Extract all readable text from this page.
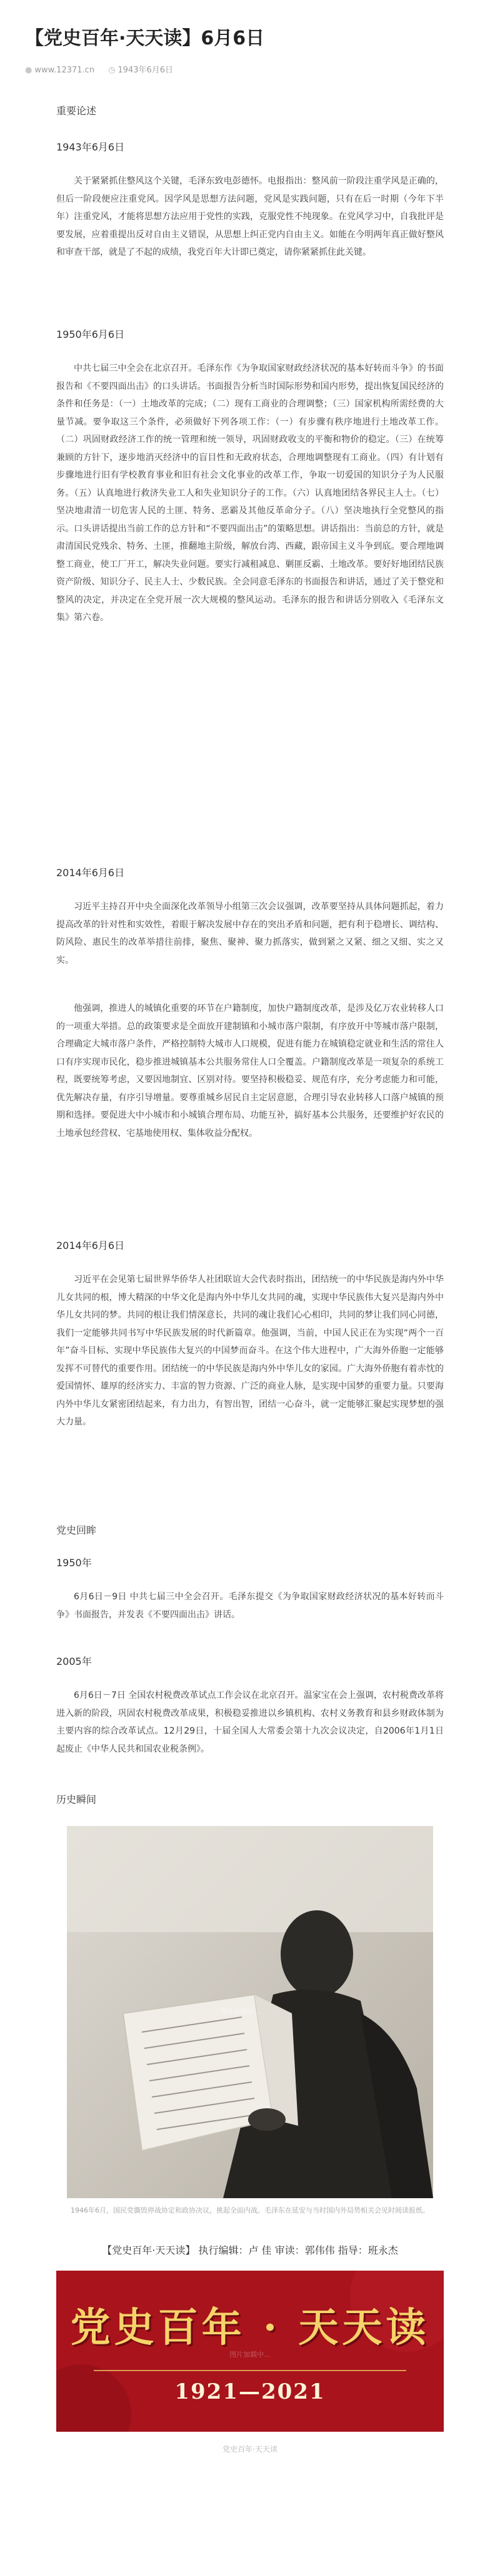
【党史百年·天天读】6月6日
● www.12371.cn ◷ 1943年6月6日
重要论述
1943年6月6日
关于紧紧抓住整风这个关键，毛泽东致电彭德怀。电报指出：整风前一阶段注重学风是正确的，但后一阶段便应注重党风。因学风是思想方法问题，党风是实践问题，只有在后一时期（今年下半年）注重党风，才能将思想方法应用于党性的实践，克服党性不纯现象。在党风学习中，自我批评是要发展，应着重提出反对自由主义错误，从思想上纠正党内自由主义。如能在今明两年真正做好整风和审查干部，就是了不起的成绩，我党百年大计即已奠定，请你紧紧抓住此关键。
1950年6月6日
中共七届三中全会在北京召开。毛泽东作《为争取国家财政经济状况的基本好转而斗争》的书面报告和《不要四面出击》的口头讲话。书面报告分析当时国际形势和国内形势，提出恢复国民经济的条件和任务是：（一）土地改革的完成；（二）现有工商业的合理调整；（三）国家机构所需经费的大量节减。要争取这三个条件，必须做好下列各项工作：（一）有步骤有秩序地进行土地改革工作。（二）巩固财政经济工作的统一管理和统一领导，巩固财政收支的平衡和物价的稳定。（三）在统筹兼顾的方针下，逐步地消灭经济中的盲目性和无政府状态，合理地调整现有工商业。（四）有计划有步骤地进行旧有学校教育事业和旧有社会文化事业的改革工作，争取一切爱国的知识分子为人民服务。（五）认真地进行救济失业工人和失业知识分子的工作。（六）认真地团结各界民主人士。（七）坚决地肃清一切危害人民的土匪、特务、恶霸及其他反革命分子。（八）坚决地执行全党整风的指示。口头讲话提出当前工作的总方针和“不要四面出击”的策略思想。讲话指出：当前总的方针，就是肃清国民党残余、特务、土匪，推翻地主阶级，解放台湾、西藏，跟帝国主义斗争到底。要合理地调整工商业，使工厂开工，解决失业问题。要实行减租减息、剿匪反霸、土地改革。要好好地团结民族资产阶级、知识分子、民主人士、少数民族。全会同意毛泽东的书面报告和讲话，通过了关于整党和整风的决定，并决定在全党开展一次大规模的整风运动。毛泽东的报告和讲话分别收入《毛泽东文集》第六卷。
2014年6月6日
习近平主持召开中央全面深化改革领导小组第三次会议强调，改革要坚持从具体问题抓起，着力提高改革的针对性和实效性，着眼于解决发展中存在的突出矛盾和问题，把有利于稳增长、调结构、防风险、惠民生的改革举措往前排，聚焦、聚神、聚力抓落实，做到紧之又紧、细之又细、实之又实。
他强调，推进人的城镇化重要的环节在户籍制度，加快户籍制度改革，是涉及亿万农业转移人口的一项重大举措。总的政策要求是全面放开建制镇和小城市落户限制，有序放开中等城市落户限制，合理确定大城市落户条件，严格控制特大城市人口规模，促进有能力在城镇稳定就业和生活的常住人口有序实现市民化，稳步推进城镇基本公共服务常住人口全覆盖。户籍制度改革是一项复杂的系统工程，既要统筹考虑，又要因地制宜、区别对待。要坚持积极稳妥、规范有序，充分考虑能力和可能，优先解决存量，有序引导增量。要尊重城乡居民自主定居意愿，合理引导农业转移人口落户城镇的预期和选择。要促进大中小城市和小城镇合理布局、功能互补，搞好基本公共服务，还要维护好农民的土地承包经营权、宅基地使用权、集体收益分配权。
2014年6月6日
习近平在会见第七届世界华侨华人社团联谊大会代表时指出，团结统一的中华民族是海内外中华儿女共同的根，博大精深的中华文化是海内外中华儿女共同的魂，实现中华民族伟大复兴是海内外中华儿女共同的梦。共同的根让我们情深意长，共同的魂让我们心心相印，共同的梦让我们同心同德，我们一定能够共同书写中华民族发展的时代新篇章。他强调，当前，中国人民正在为实现“两个一百年”奋斗目标、实现中华民族伟大复兴的中国梦而奋斗。在这个伟大进程中，广大海外侨胞一定能够发挥不可替代的重要作用。团结统一的中华民族是海内外中华儿女的家园。广大海外侨胞有着赤忱的爱国情怀、雄厚的经济实力、丰富的智力资源、广泛的商业人脉，是实现中国梦的重要力量。只要海内外中华儿女紧密团结起来，有力出力，有智出智，团结一心奋斗，就一定能够汇聚起实现梦想的强大力量。
党史回眸
1950年
6月6日－9日 中共七届三中全会召开。毛泽东提交《为争取国家财政经济状况的基本好转而斗争》书面报告，并发表《不要四面出击》讲话。
2005年
6月6日－7日 全国农村税费改革试点工作会议在北京召开。温家宝在会上强调，农村税费改革将进入新的阶段，巩固农村税费改革成果，积极稳妥推进以乡镇机构、农村义务教育和县乡财政体制为主要内容的综合改革试点。12月29日，十届全国人大常委会第十九次会议决定，自2006年1月1日起废止《中华人民共和国农业税条例》。
历史瞬间
图片加载中...
1946年6月，国民党撕毁停战协定和政协决议，挑起全面内战。毛泽东在延安与当时国内外局势相关会见时阅读报纸。
【党史百年·天天读】 执行编辑：卢 佳 审读：郭伟伟 指导：班永杰
党史百年 · 天天读
图片加载中...
1921—2021
党史百年·天天读
